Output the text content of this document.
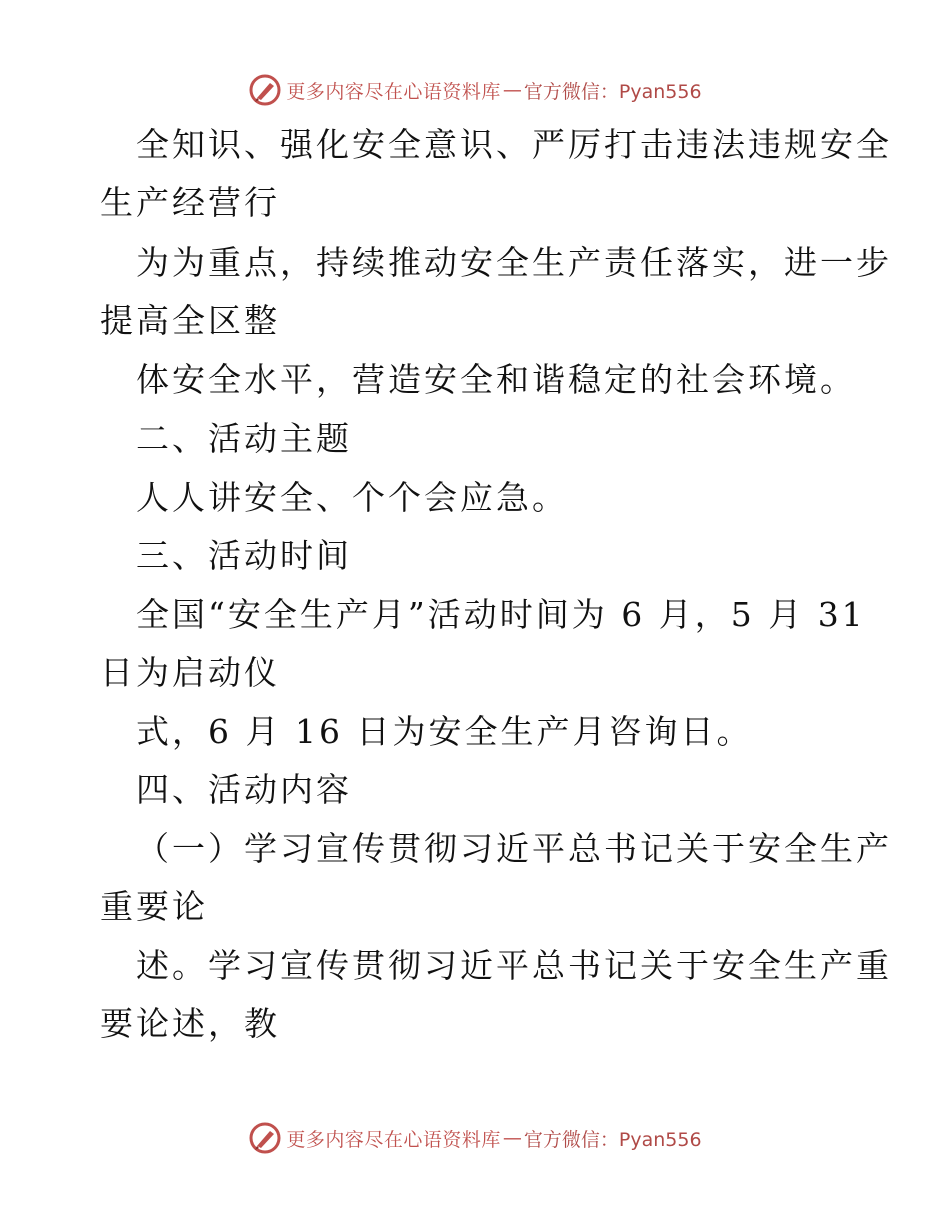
更多内容尽在心语资料库 — 官方微信：Pyan556
全知识、强化安全意识、严厉打击违法违规安全
生产经营行
为为重点，持续推动安全生产责任落实，进一步
提高全区整
体安全水平，营造安全和谐稳定的社会环境。
二、活动主题
人人讲安全、个个会应急。
三、活动时间
全国“安全生产月”活动时间为 6 月，5 月 31
日为启动仪
式，6 月 16 日为安全生产月咨询日。
四、活动内容
（一）学习宣传贯彻习近平总书记关于安全生产
重要论
述。学习宣传贯彻习近平总书记关于安全生产重
要论述，教
更多内容尽在心语资料库 — 官方微信：Pyan556
